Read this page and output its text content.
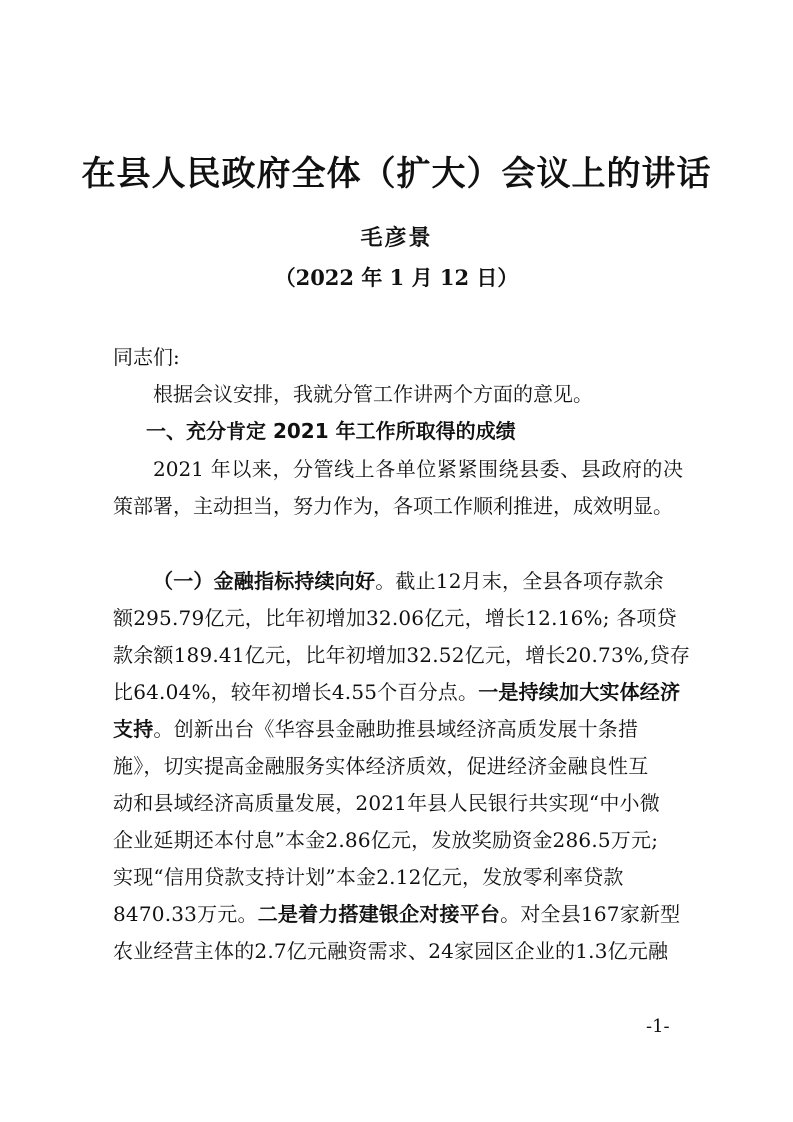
在县人民政府全体（扩大）会议上的讲话
毛彦景
（2022 年 1 月 12 日）
同志们:
根据会议安排，我就分管工作讲两个方面的意见。
一、充分肯定 2021 年工作所取得的成绩
2021 年以来，分管线上各单位紧紧围绕县委、县政府的决策部署，主动担当，努力作为，各项工作顺利推进，成效明显。
（一）金融指标持续向好。截止12月末，全县各项存款余
额295.79亿元，比年初增加32.06亿元，增长12.16%; 各项贷
款余额189.41亿元，比年初增加32.52亿元，增长20.73%,贷存
比64.04%，较年初增长4.55个百分点。一是持续加大实体经济
支持。创新出台《华容县金融助推县域经济高质发展十条措
施》，切实提高金融服务实体经济质效，促进经济金融良性互
动和县域经济高质量发展，2021年县人民银行共实现“中小微
企业延期还本付息”本金2.86亿元，发放奖励资金286.5万元;
实现“信用贷款支持计划”本金2.12亿元，发放零利率贷款
8470.33万元。二是着力搭建银企对接平台。对全县167家新型
农业经营主体的2.7亿元融资需求、24家园区企业的1.3亿元融
-1-
